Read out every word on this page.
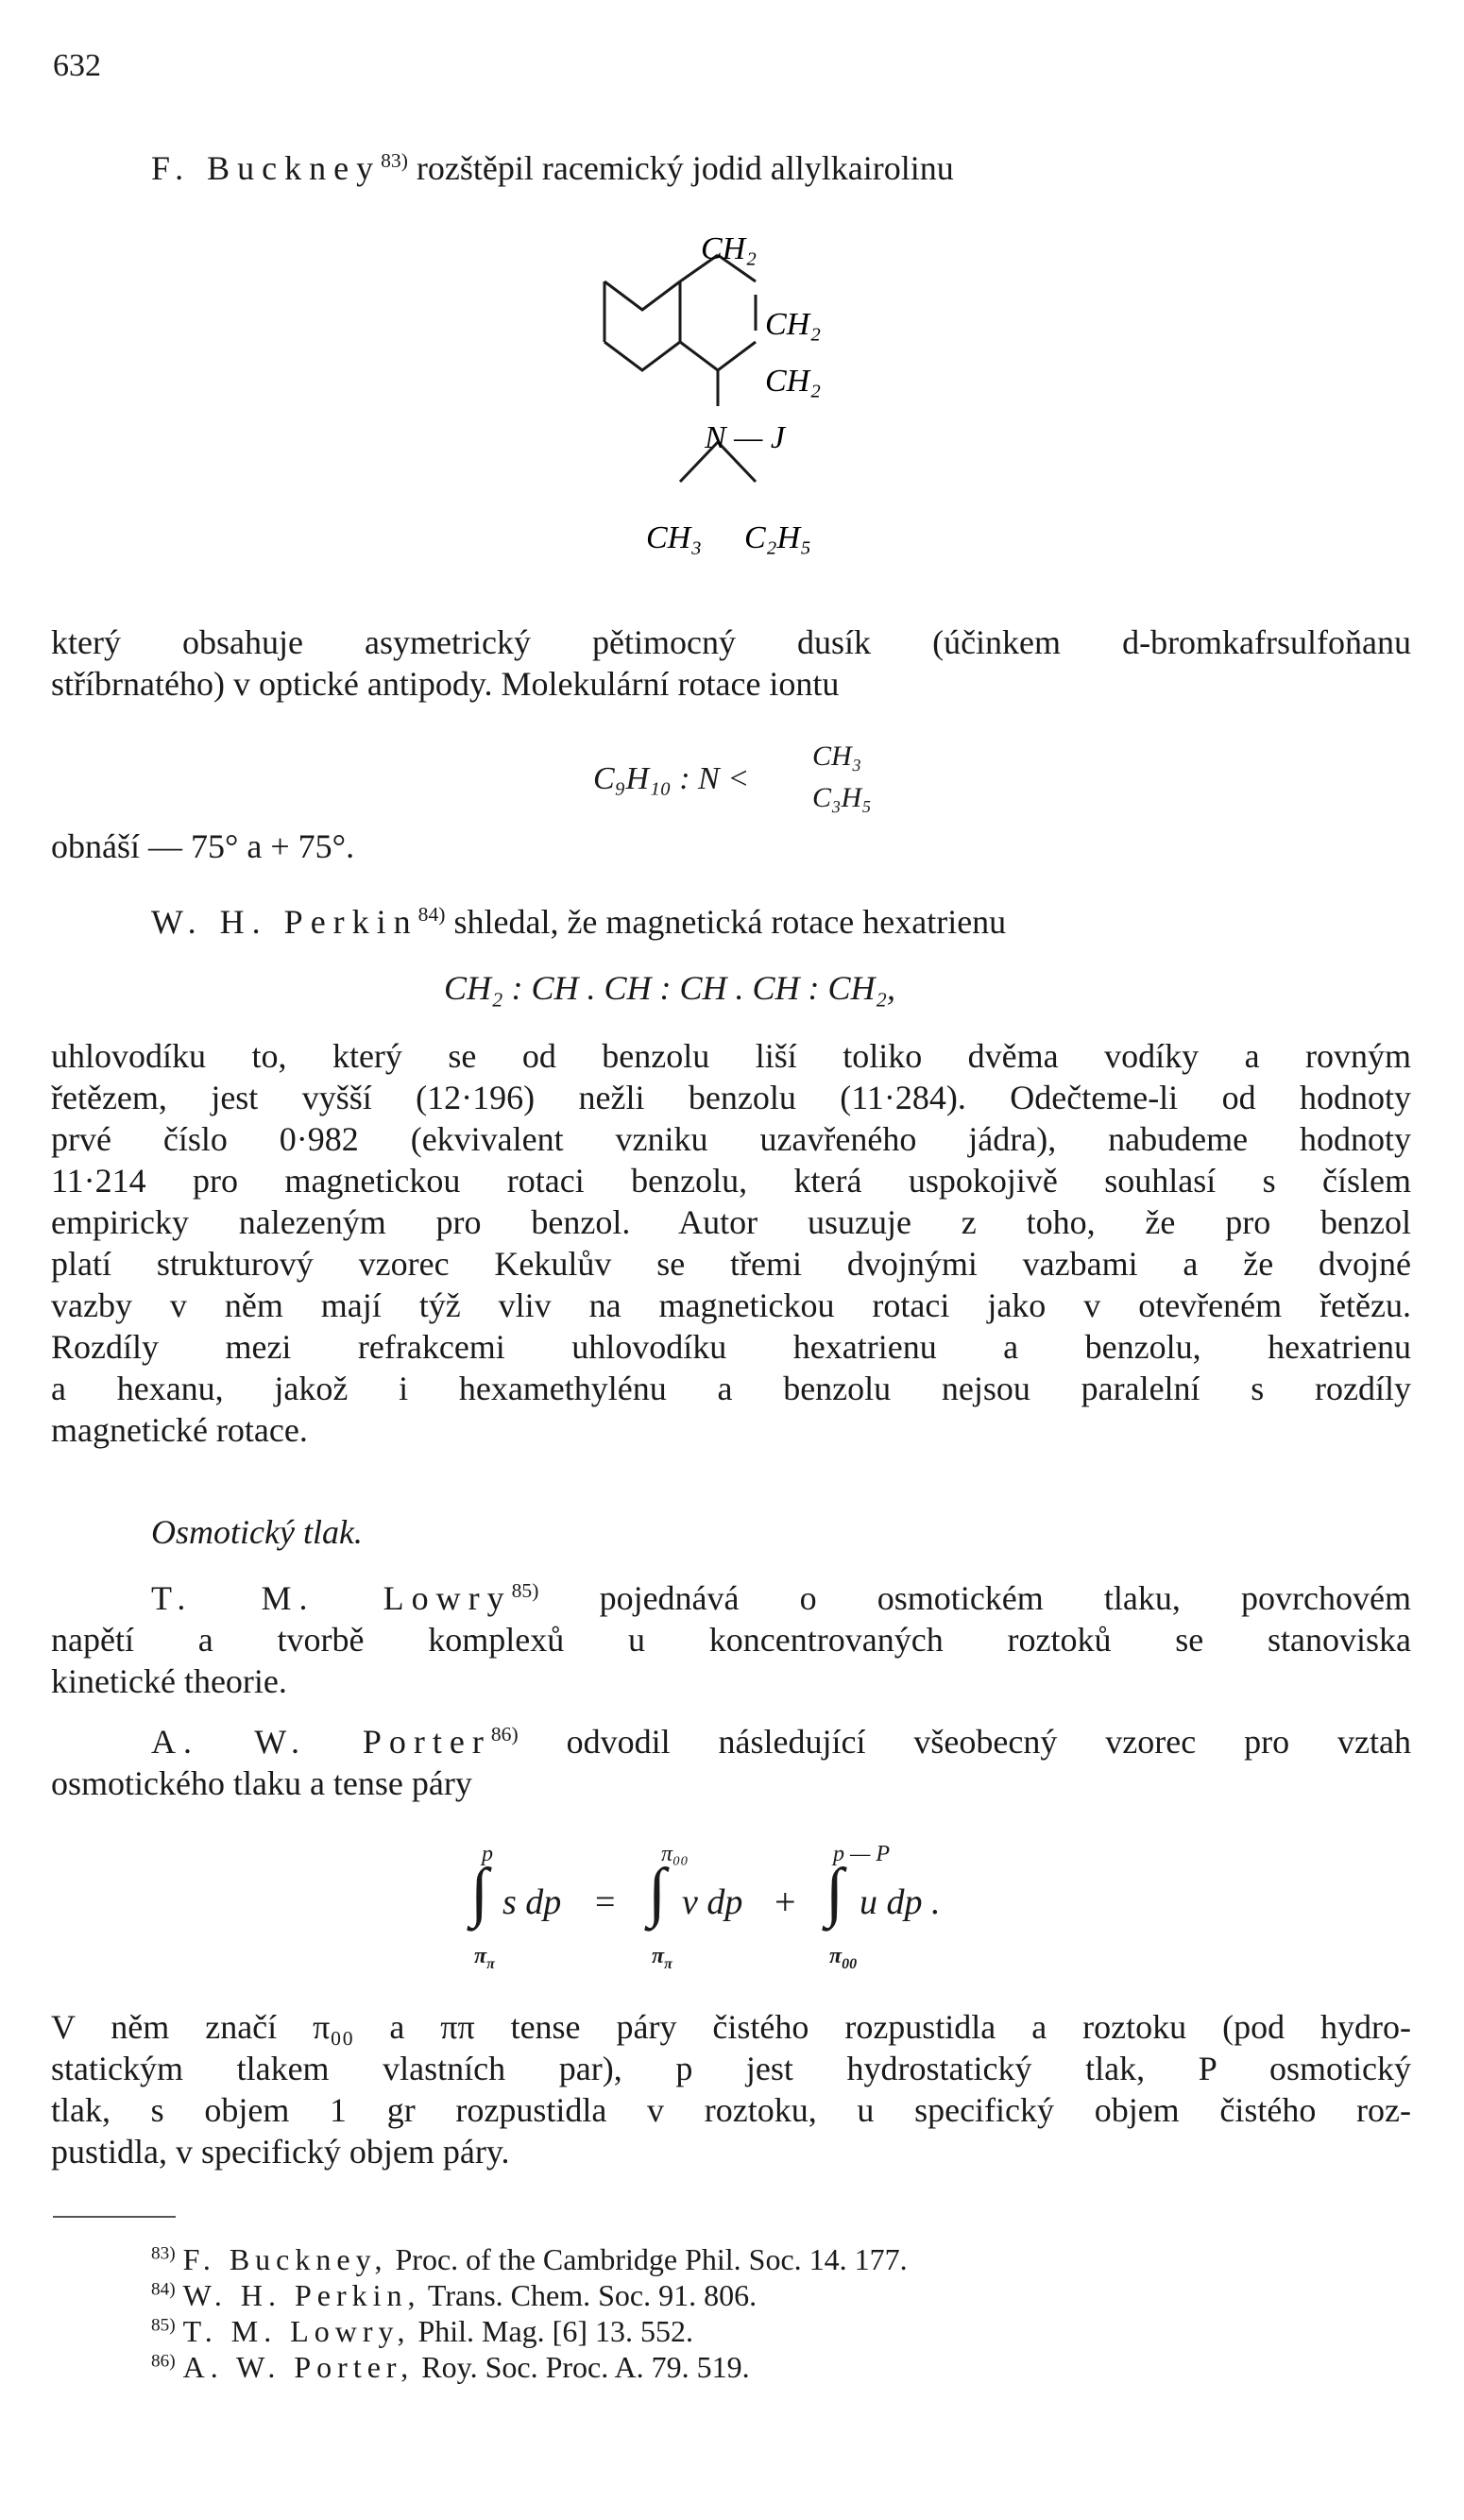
632
F. Buckney$^{83)}$ rozštěpil racemický jodid allylkairolinu
CH₂
CH₂
CH₂
N — J
CH₃ C₂H₅
který obsahuje asymetrický pětimocný dusík (účinkem d-bromkafrsulfoňanu
stříbrnatého) v optické antipody. Molekulární rotace iontu
C₉H₁₀ : N <
CH₃
C₃H₅
obnáší — 75° a + 75°.
W. H. Perkin$^{84)}$ shledal, že magnetická rotace hexatrienu
CH₂ : CH . CH : CH . CH : CH₂,
uhlovodíku to, který se od benzolu liší toliko dvěma vodíky a rovným
řetězem, jest vyšší (12·196) nežli benzolu (11·284). Odečteme-li od hodnoty
prvé číslo 0·982 (ekvivalent vzniku uzavřeného jádra), nabudeme hodnoty
11·214 pro magnetickou rotaci benzolu, která uspokojivě souhlasí s číslem
empiricky nalezeným pro benzol. Autor usuzuje z toho, že pro benzol
platí strukturový vzorec Kekulův se třemi dvojnými vazbami a že dvojné
vazby v něm mají týž vliv na magnetickou rotaci jako v otevřeném řetězu.
Rozdíly mezi refrakcemi uhlovodíku hexatrienu a benzolu, hexatrienu
a hexanu, jakož i hexamethylénu a benzolu nejsou paralelní s rozdíly
magnetické rotace.
Osmotický tlak.
T. M. Lowry$^{85)}$ pojednává o osmotickém tlaku, povrchovém
napětí a tvorbě komplexů u koncentrovaných roztoků se stanoviska
kinetické theorie.
A. W. Porter$^{86)}$ odvodil následující všeobecný vzorec pro vztah
osmotického tlaku a tense páry
p
∫
$\pi_\pi$
s dp =
π₀₀
∫
$\pi_\pi$
v dp +
p — P
∫
$\pi_{00}$
u dp .
V něm značí π₀₀ a ππ tense páry čistého rozpustidla a roztoku (pod hydro-
statickým tlakem vlastních par), p jest hydrostatický tlak, P osmotický
tlak, s objem 1 gr rozpustidla v roztoku, u specifický objem čistého roz-
pustidla, v specifický objem páry.
$^{83)}$ F. Buckney, Proc. of the Cambridge Phil. Soc. 14. 177.
$^{84)}$ W. H. Perkin, Trans. Chem. Soc. 91. 806.
$^{85)}$ T. M. Lowry, Phil. Mag. [6] 13. 552.
$^{86)}$ A. W. Porter, Roy. Soc. Proc. A. 79. 519.
